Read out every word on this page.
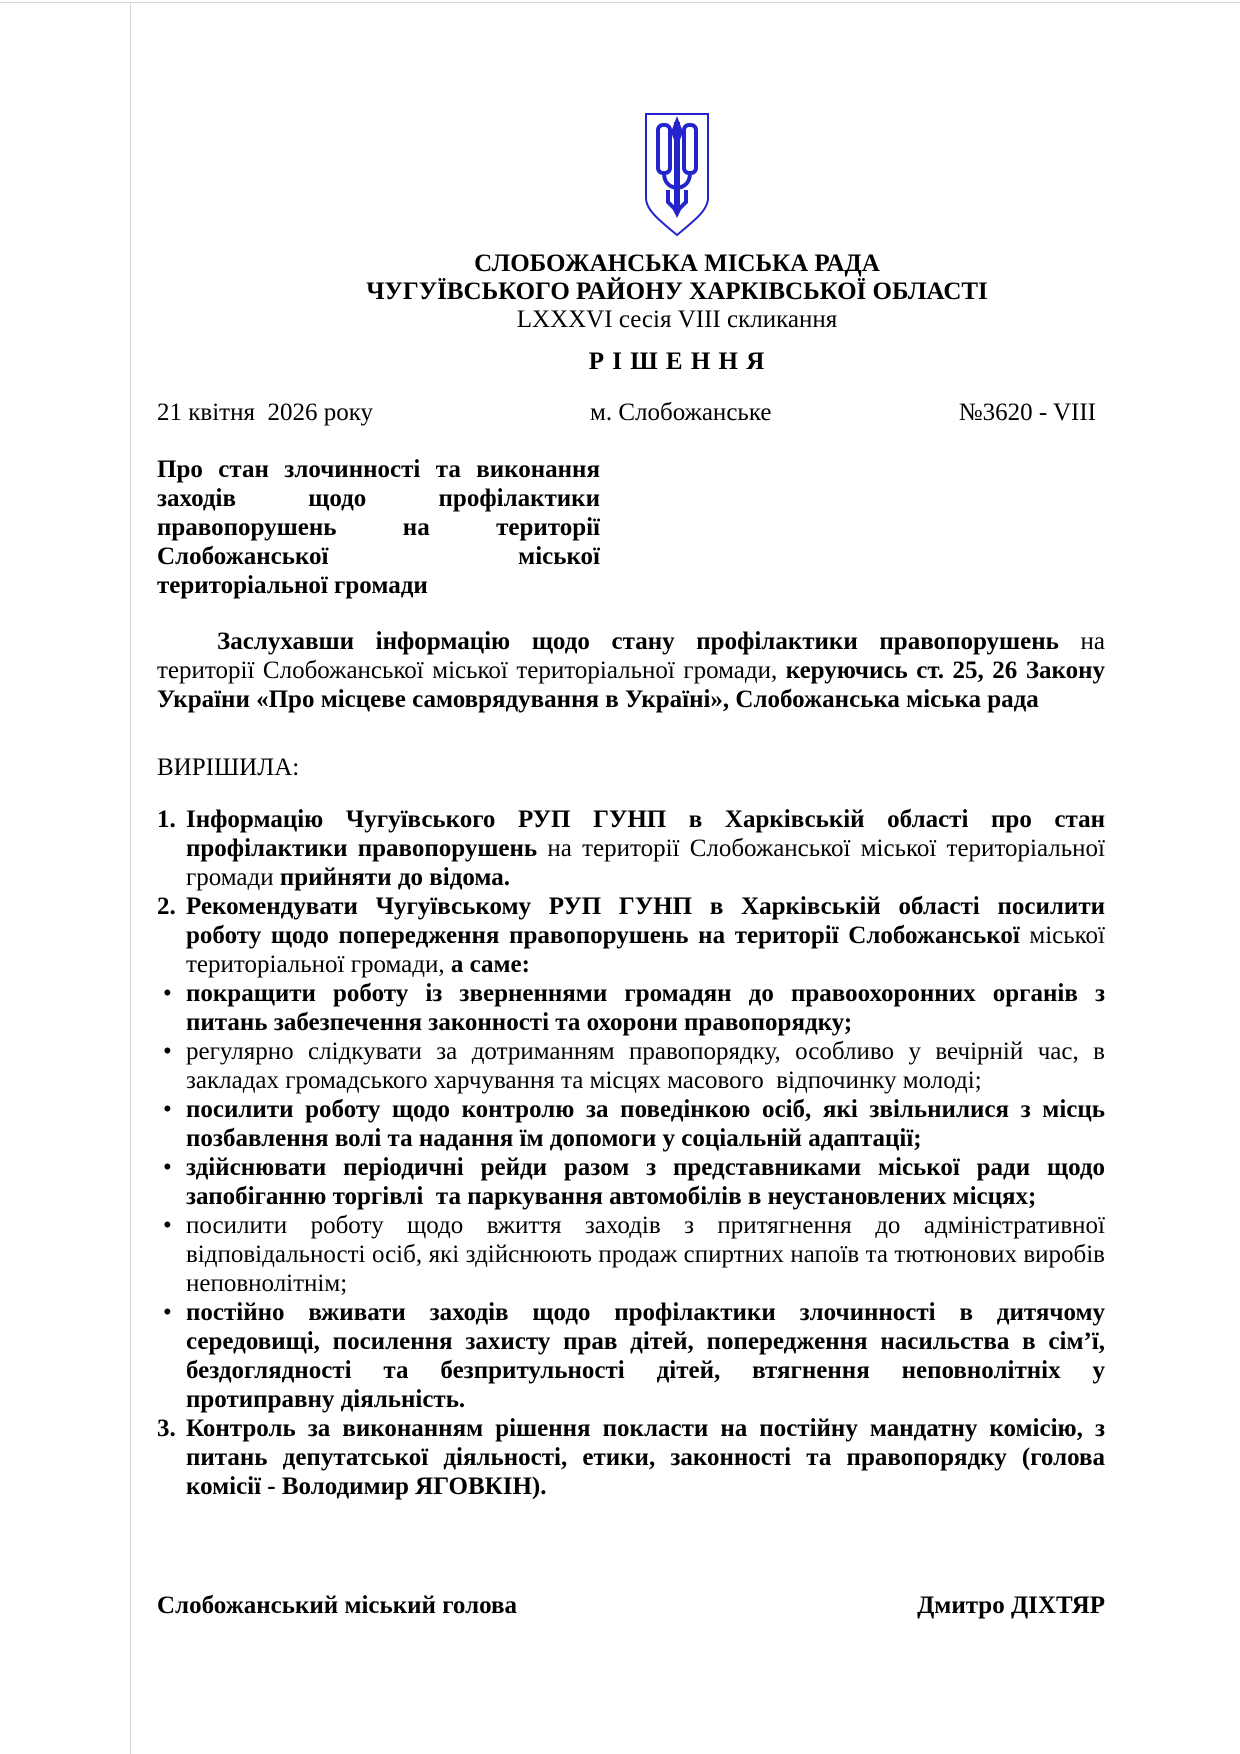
СЛОБОЖАНСЬКА МІСЬКА РАДА
ЧУГУЇВСЬКОГО РАЙОНУ ХАРКІВСЬКОЇ ОБЛАСТІ
LXXXVI сесія VIII скликання
Р І Ш Е Н Н Я
21 квітня  2026 року	м. Слобожанське	№3620 - VIII
Про стан злочинності та виконання
заходів щодо профілактики
правопорушень на території
Слобожанської міської
територіальної громади

Заслухавши інформацію щодо стану профілактики правопорушень на території Слобожанської міської територіальної громади, керуючись ст. 25, 26 Закону України «Про місцеве самоврядування в Україні», Слобожанська міська рада

ВИРІШИЛА:
1. Інформацію Чугуївського РУП ГУНП в Харківській області про стан профілактики правопорушень на території Слобожанської міської територіальної громади прийняти до відома.
2. Рекомендувати Чугуївському РУП ГУНП в Харківській області посилити роботу щодо попередження правопорушень на території Слобожанської міської територіальної громади, а саме:
• покращити роботу із зверненнями громадян до правоохоронних органів з питань забезпечення законності та охорони правопорядку;
• регулярно слідкувати за дотриманням правопорядку, особливо у вечірній час, в закладах громадського харчування та місцях масового  відпочинку молоді;
• посилити роботу щодо контролю за поведінкою осіб, які звільнилися з місць позбавлення волі та надання їм допомоги у соціальній адаптації;
• здійснювати періодичні рейди разом з представниками міської ради щодо запобіганню торгівлі  та паркування автомобілів в неустановлених місцях;
• посилити роботу щодо вжиття заходів з притягнення до адміністративної відповідальності осіб, які здійснюють продаж спиртних напоїв та тютюнових виробів неповнолітнім;
• постійно вживати заходів щодо профілактики злочинності в дитячому середовищі, посилення захисту прав дітей, попередження насильства в сім’ї, бездоглядності та безпритульності дітей, втягнення неповнолітніх у протиправну діяльність.
3. Контроль за виконанням рішення покласти на постійну мандатну комісію, з питань депутатської діяльності, етики, законності та правопорядку (голова комісії - Володимир ЯГОВКІН).
Слобожанський міський голова	Дмитро ДІХТЯР
